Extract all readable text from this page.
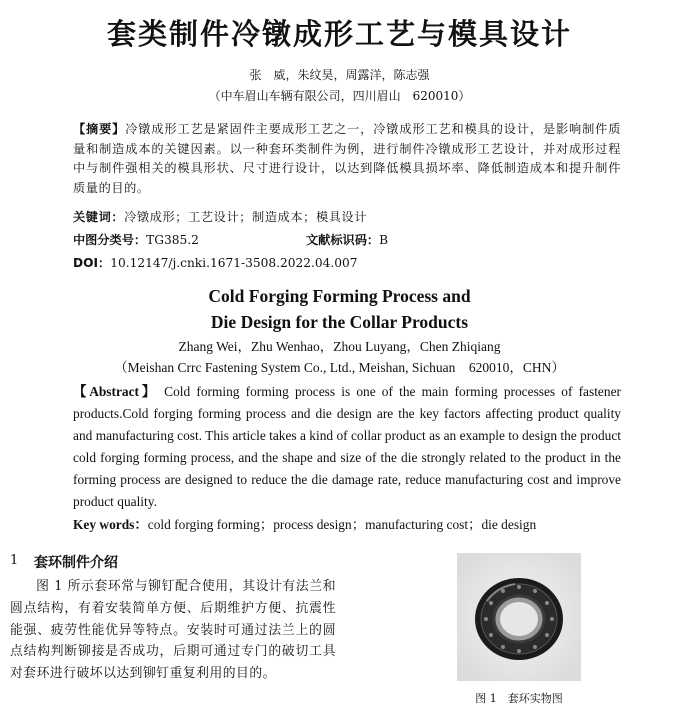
套类制件冷镦成形工艺与模具设计
张　威，朱纹昊，周露洋，陈志强
（中车眉山车辆有限公司，四川眉山　620010）
【摘要】冷镦成形工艺是紧固件主要成形工艺之一，冷镦成形工艺和模具的设计，是影响制件质量和制造成本的关键因素。以一种套环类制件为例，进行制件冷镦成形工艺设计，并对成形过程中与制件强相关的模具形状、尺寸进行设计，以达到降低模具损坏率、降低制造成本和提升制件质量的目的。
关键词：冷镦成形；工艺设计；制造成本；模具设计
中图分类号：TG385.2	文献标识码：B
DOI：10.12147/j.cnki.1671-3508.2022.04.007
Cold Forging Forming Process and
Die Design for the Collar Products
Zhang Wei，Zhu Wenhao，Zhou Luyang，Chen Zhiqiang
（Meishan Crrc Fastening System Co., Ltd., Meishan, Sichuan　620010，CHN）
【Abstract】 Cold forming forming process is one of the main forming processes of fastener products.Cold forging forming process and die design are the key factors affecting product quality and manufacturing cost. This article takes a kind of collar product as an example to design the product cold forging forming process, and the shape and size of the die strongly related to the product in the forming process are designed to reduce the die damage rate, reduce manufacturing cost and improve product quality.
Key words：cold forging forming；process design；manufacturing cost；die design
1 套环制件介绍
图 1 所示套环常与铆钉配合使用，其设计有法兰和圆点结构，有着安装简单方便、后期维护方便、抗震性能强、疲劳性能优异等特点。安装时可通过法兰上的圆点结构判断铆接是否成功，后期可通过专门的破切工具对套环进行破坏以达到铆钉重复利用的目的。
图 1　套环实物图
